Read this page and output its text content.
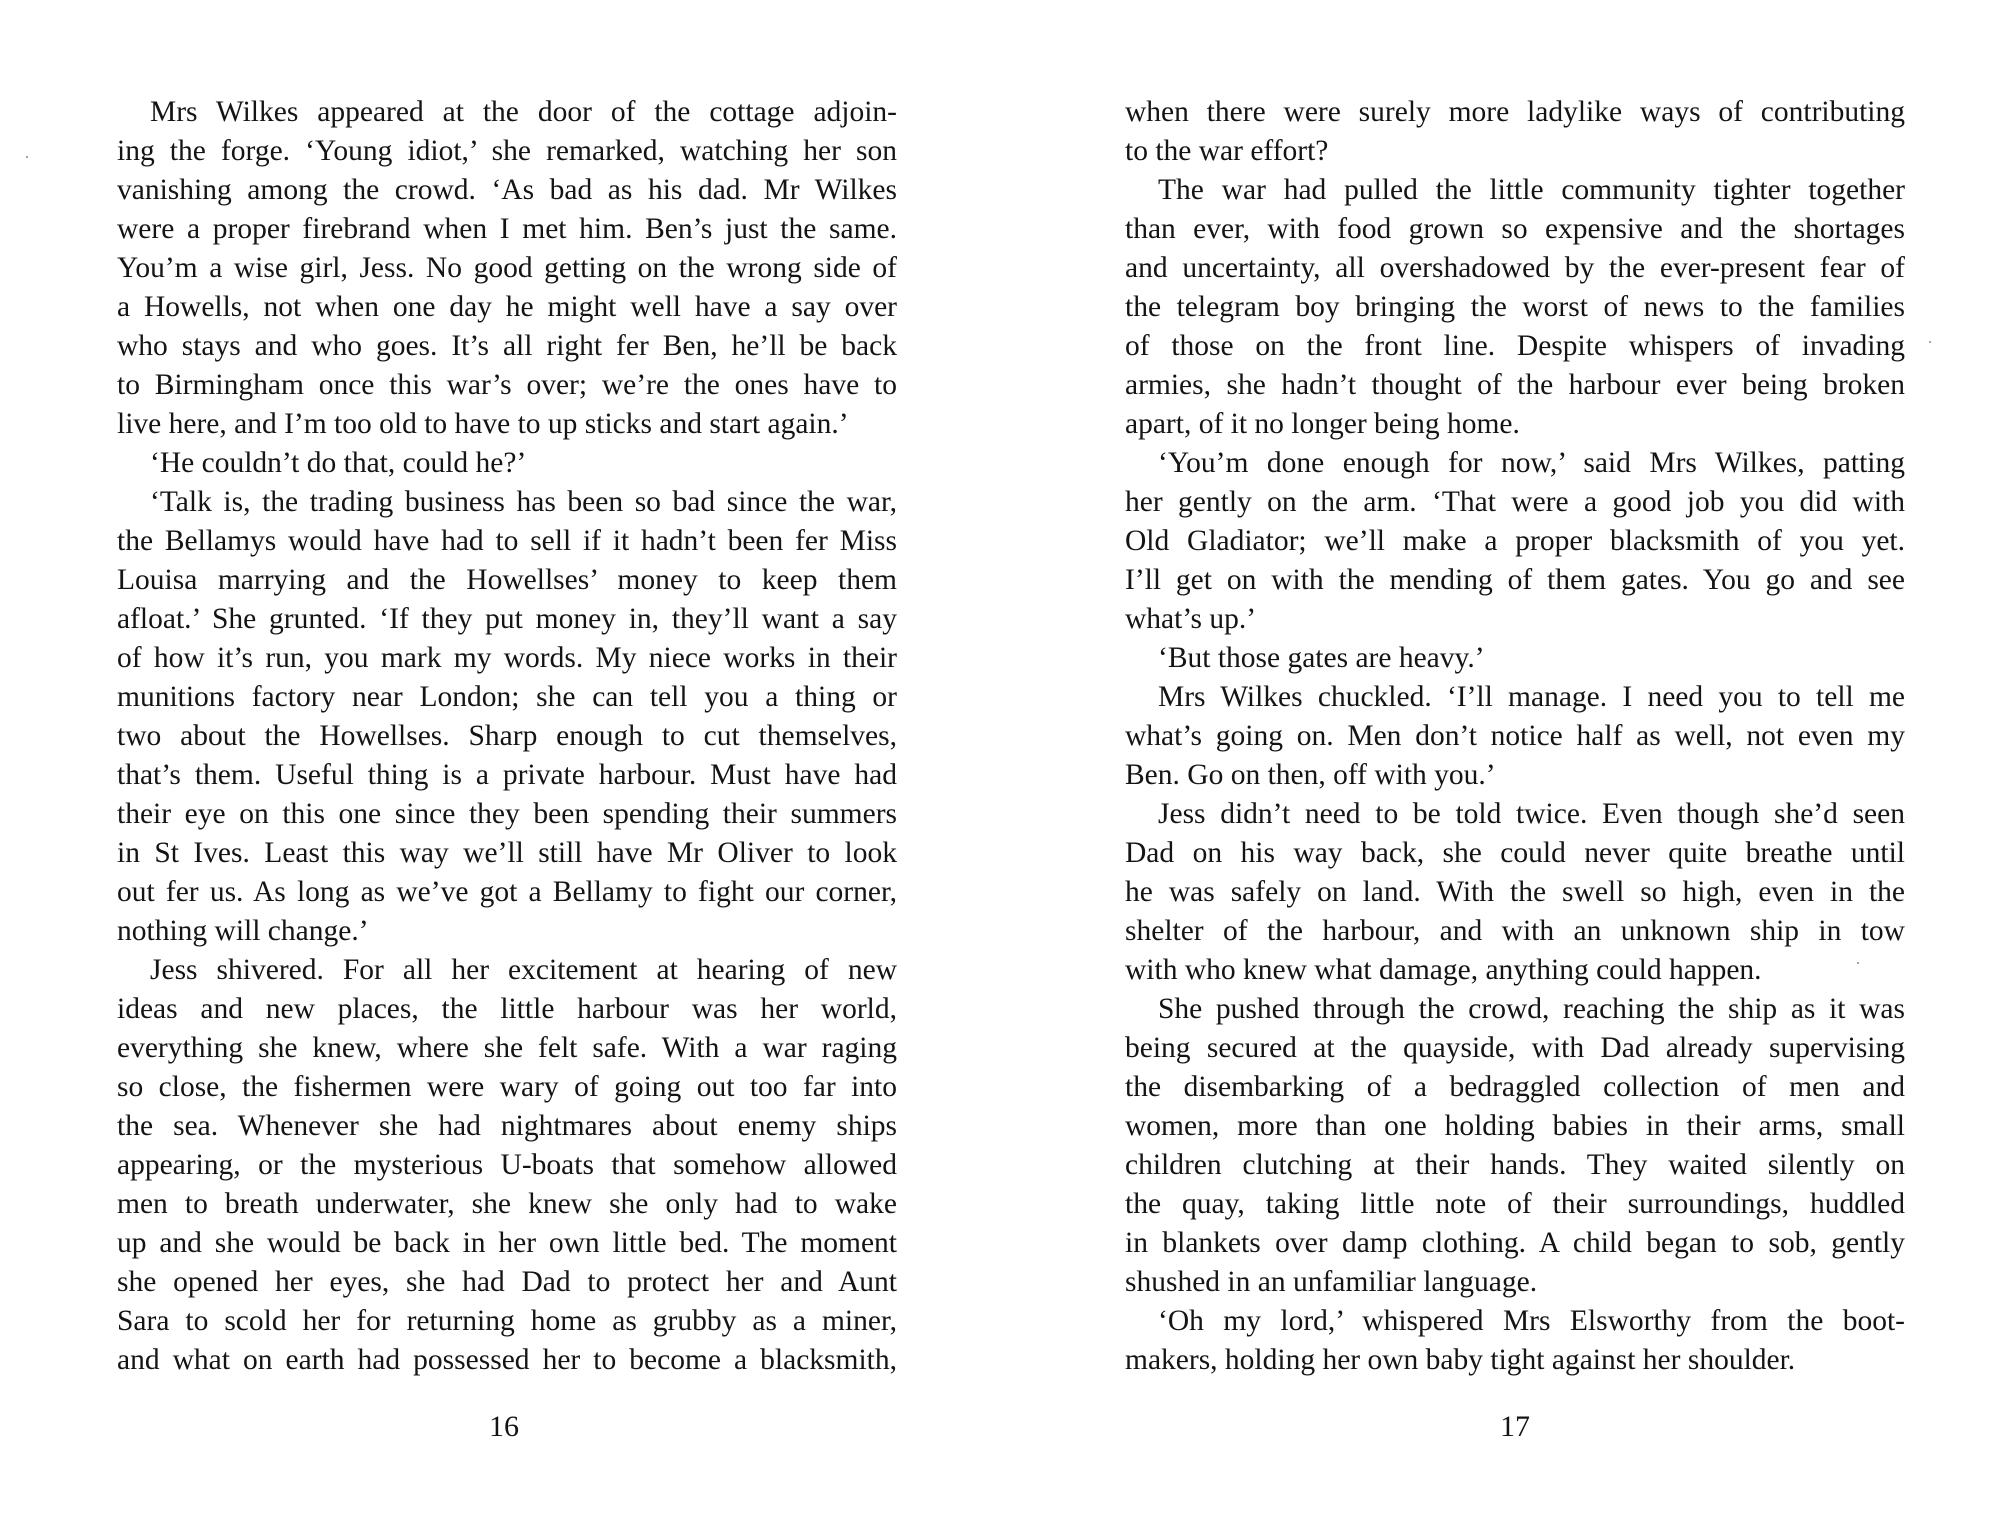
Mrs Wilkes appeared at the door of the cottage adjoin-
ing the forge. ‘Young idiot,’ she remarked, watching her son
vanishing among the crowd. ‘As bad as his dad. Mr Wilkes
were a proper firebrand when I met him. Ben’s just the same.
You’m a wise girl, Jess. No good getting on the wrong side of
a Howells, not when one day he might well have a say over
who stays and who goes. It’s all right fer Ben, he’ll be back
to Birmingham once this war’s over; we’re the ones have to
live here, and I’m too old to have to up sticks and start again.’
‘He couldn’t do that, could he?’
‘Talk is, the trading business has been so bad since the war,
the Bellamys would have had to sell if it hadn’t been fer Miss
Louisa marrying and the Howellses’ money to keep them
afloat.’ She grunted. ‘If they put money in, they’ll want a say
of how it’s run, you mark my words. My niece works in their
munitions factory near London; she can tell you a thing or
two about the Howellses. Sharp enough to cut themselves,
that’s them. Useful thing is a private harbour. Must have had
their eye on this one since they been spending their summers
in St Ives. Least this way we’ll still have Mr Oliver to look
out fer us. As long as we’ve got a Bellamy to fight our corner,
nothing will change.’
Jess shivered. For all her excitement at hearing of new
ideas and new places, the little harbour was her world,
everything she knew, where she felt safe. With a war raging
so close, the fishermen were wary of going out too far into
the sea. Whenever she had nightmares about enemy ships
appearing, or the mysterious U-boats that somehow allowed
men to breath underwater, she knew she only had to wake
up and she would be back in her own little bed. The moment
she opened her eyes, she had Dad to protect her and Aunt
Sara to scold her for returning home as grubby as a miner,
and what on earth had possessed her to become a blacksmith,
when there were surely more ladylike ways of contributing
to the war effort?
The war had pulled the little community tighter together
than ever, with food grown so expensive and the shortages
and uncertainty, all overshadowed by the ever-present fear of
the telegram boy bringing the worst of news to the families
of those on the front line. Despite whispers of invading
armies, she hadn’t thought of the harbour ever being broken
apart, of it no longer being home.
‘You’m done enough for now,’ said Mrs Wilkes, patting
her gently on the arm. ‘That were a good job you did with
Old Gladiator; we’ll make a proper blacksmith of you yet.
I’ll get on with the mending of them gates. You go and see
what’s up.’
‘But those gates are heavy.’
Mrs Wilkes chuckled. ‘I’ll manage. I need you to tell me
what’s going on. Men don’t notice half as well, not even my
Ben. Go on then, off with you.’
Jess didn’t need to be told twice. Even though she’d seen
Dad on his way back, she could never quite breathe until
he was safely on land. With the swell so high, even in the
shelter of the harbour, and with an unknown ship in tow
with who knew what damage, anything could happen.
She pushed through the crowd, reaching the ship as it was
being secured at the quayside, with Dad already supervising
the disembarking of a bedraggled collection of men and
women, more than one holding babies in their arms, small
children clutching at their hands. They waited silently on
the quay, taking little note of their surroundings, huddled
in blankets over damp clothing. A child began to sob, gently
shushed in an unfamiliar language.
‘Oh my lord,’ whispered Mrs Elsworthy from the boot-
makers, holding her own baby tight against her shoulder.
16	17
